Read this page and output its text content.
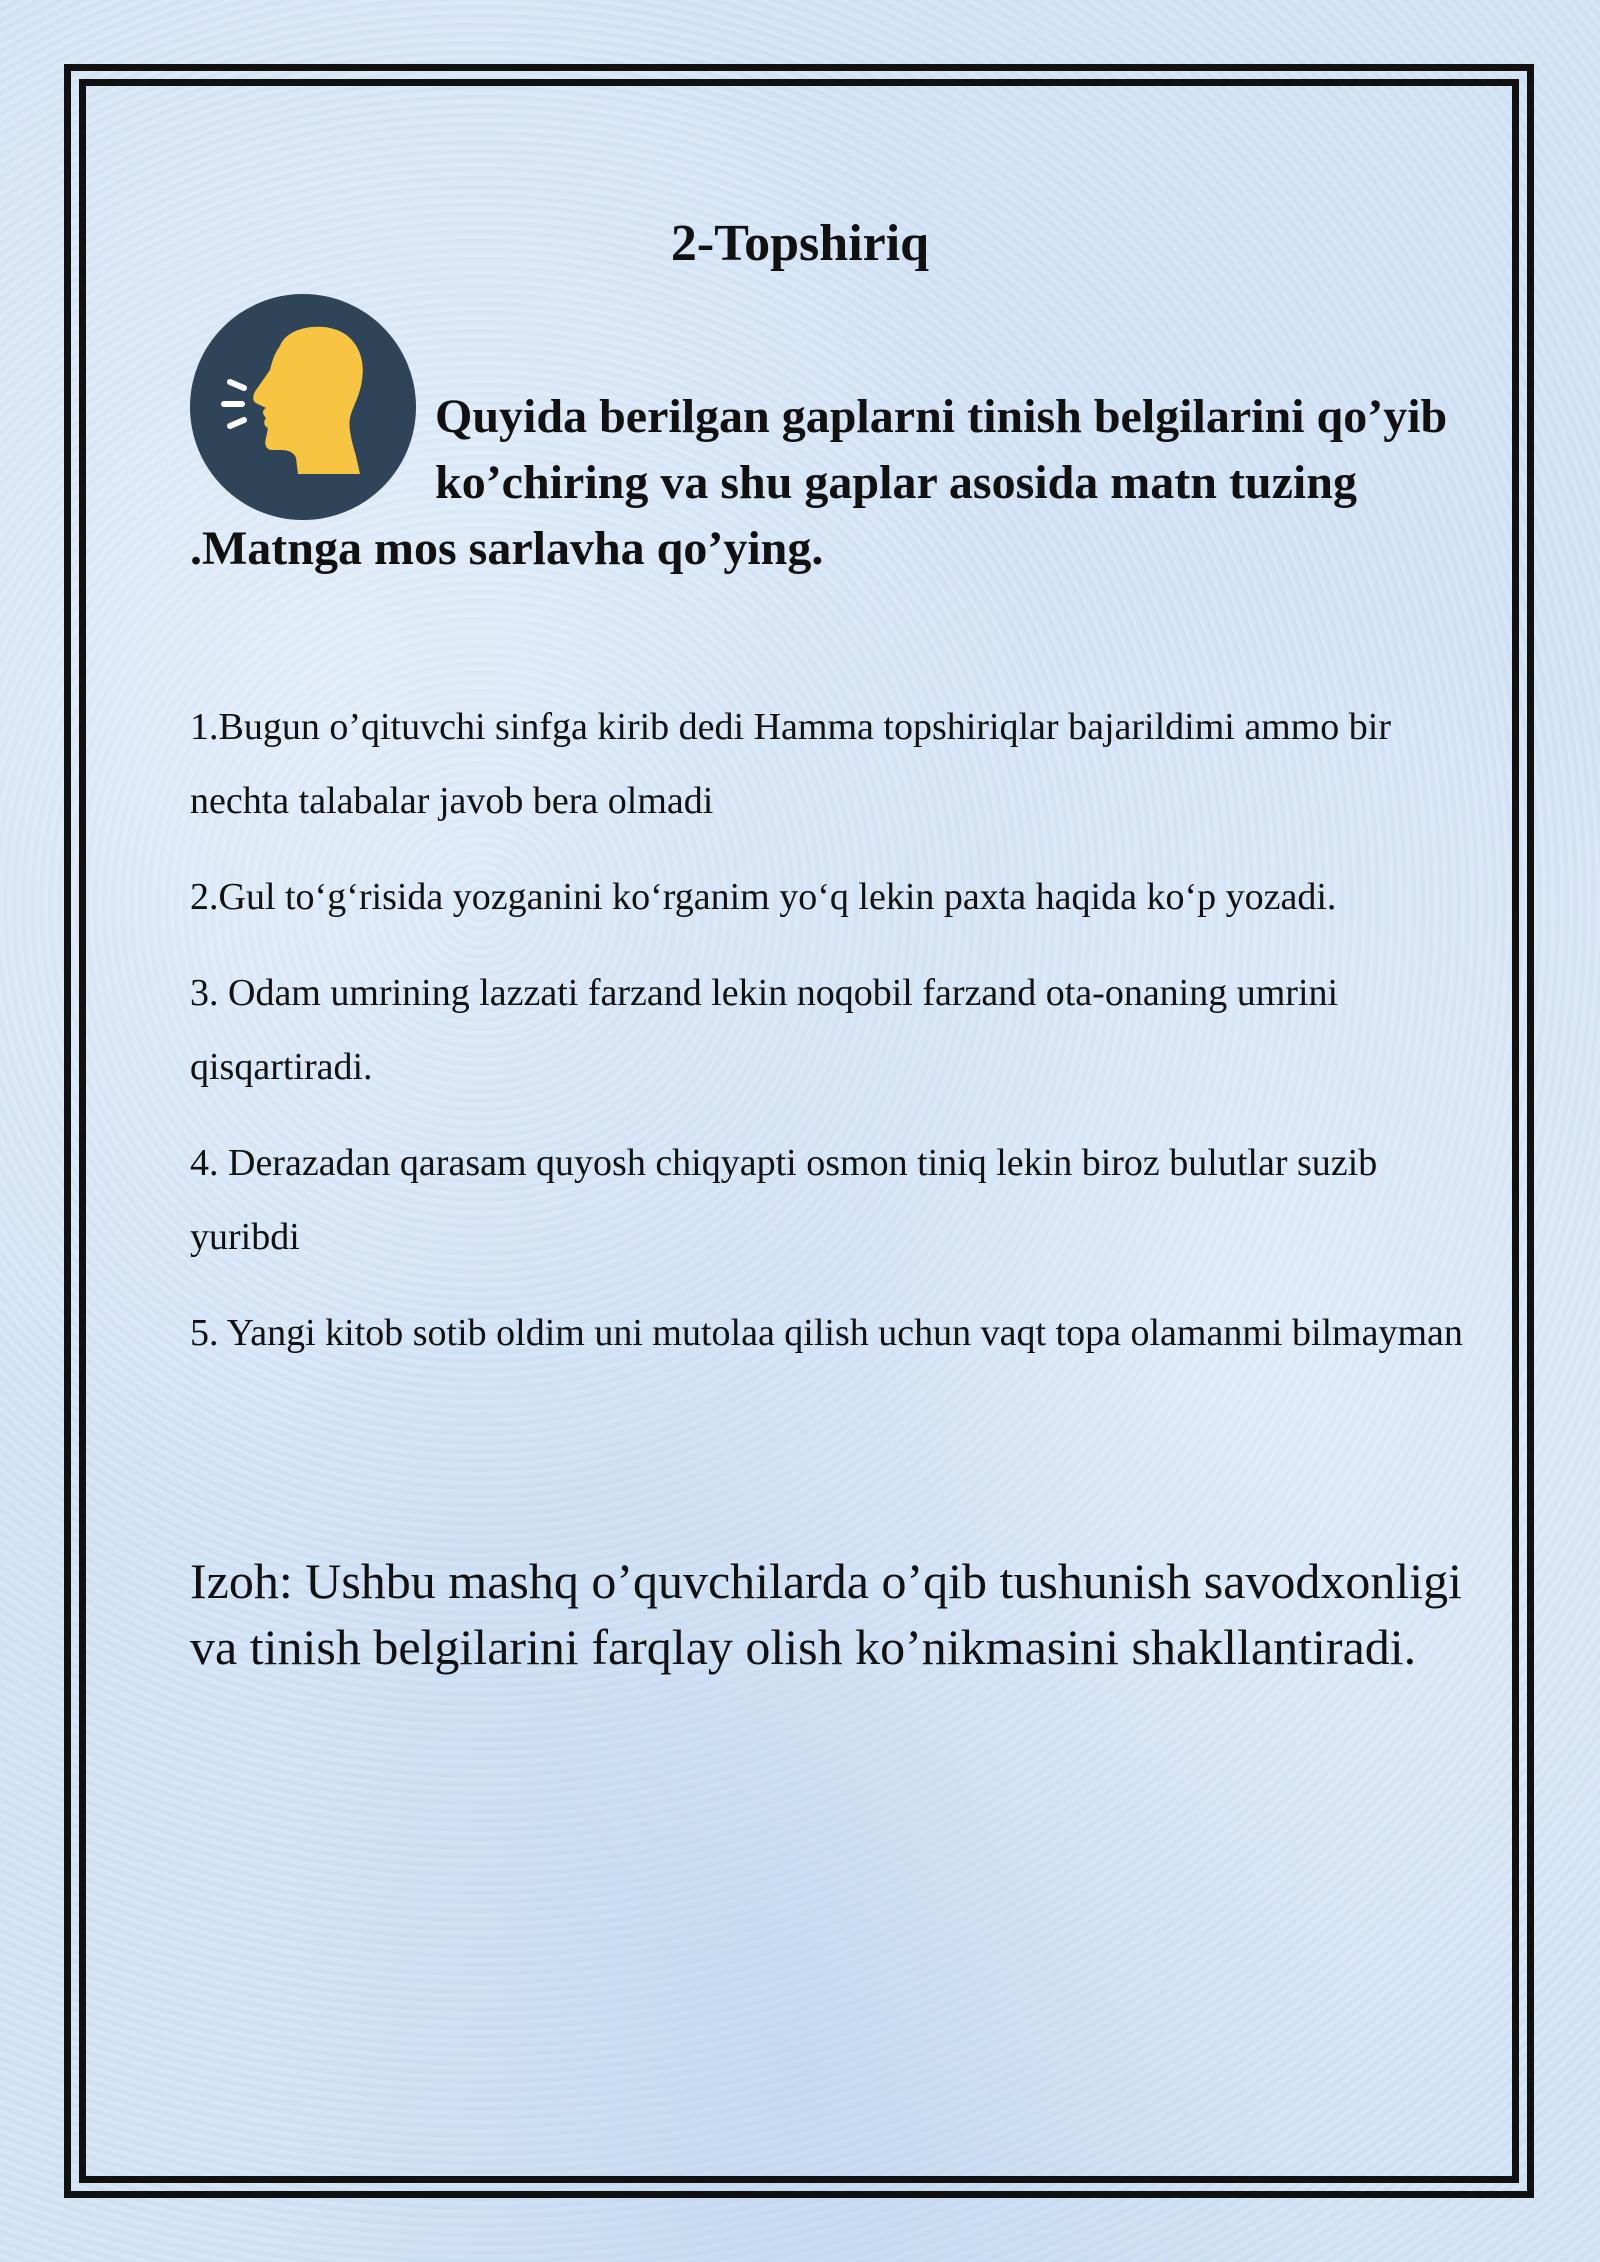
2-Topshiriq

Quyida berilgan gaplarni tinish belgilarini qo’yib ko’chiring va shu gaplar asosida matn tuzing .Matnga mos sarlavha qo’ying.

1.Bugun o’qituvchi sinfga kirib dedi Hamma topshiriqlar bajarildimi ammo bir nechta talabalar javob bera olmadi
2.Gul to‘g‘risida yozganini ko‘rganim yo‘q lekin paxta haqida ko‘p yozadi.
3. Odam umrining lazzati farzand lekin noqobil farzand ota-onaning umrini qisqartiradi.
4. Derazadan qarasam quyosh chiqyapti osmon tiniq lekin biroz bulutlar suzib yuribdi
5. Yangi kitob sotib oldim uni mutolaa qilish uchun vaqt topa olamanmi bilmayman

Izoh: Ushbu mashq o’quvchilarda o’qib tushunish savodxonligi va tinish belgilarini farqlay olish ko’nikmasini shakllantiradi.
